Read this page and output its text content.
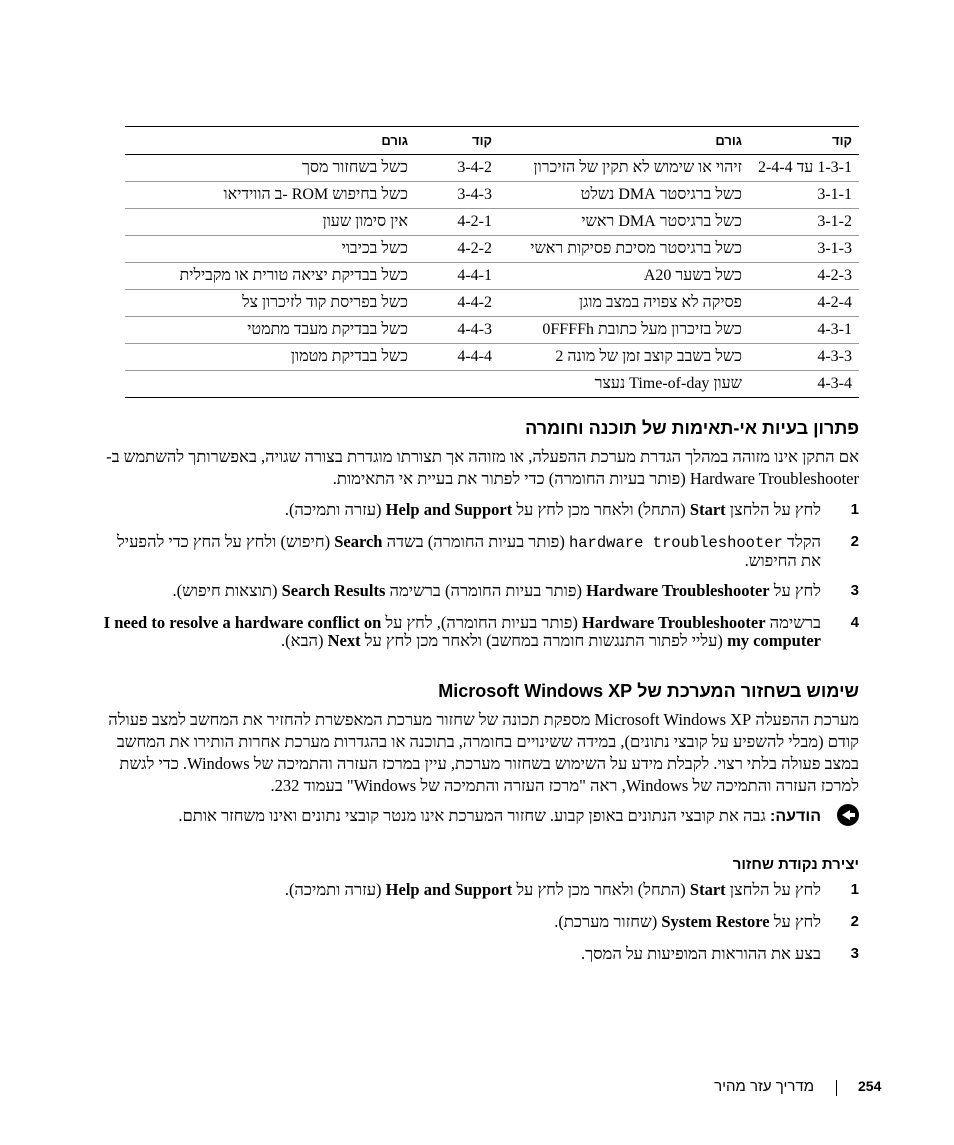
קוד	גורם	קוד	גורם
1-3-1 עד 2-4-4	זיהוי או שימוש לא תקין של הזיכרון	3-4-2	כשל בשחזור מסך
3-1-1	כשל ברגיסטר DMA נשלט	3-4-3	כשל בחיפוש ROM -ב הווידיאו
3-1-2	כשל ברגיסטר DMA ראשי	4-2-1	אין סימון שעון
3-1-3	כשל ברגיסטר מסיכת פסיקות ראשי	4-2-2	כשל בכיבוי
4-2-3	כשל בשער A20	4-4-1	כשל בבדיקת יציאה טורית או מקבילית
4-2-4	פסיקה לא צפויה במצב מוגן	4-4-2	כשל בפריסת קוד לזיכרון צל
4-3-1	כשל בזיכרון מעל כתובת 0FFFFh	4-4-3	כשל בבדיקת מעבד מתמטי
4-3-3	כשל בשבב קוצב זמן של מונה 2	4-4-4	כשל בבדיקת מטמון
4-3-4	שעון Time-of-day נעצר		
פתרון בעיות אי-תאימות של תוכנה וחומרה

אם התקן אינו מזוהה במהלך הגדרת מערכת ההפעלה, או מזוהה אך תצורתו מוגדרת בצורה שגויה, באפשרותך להשתמש ב- Hardware Troubleshooter (פותר בעיות החומרה) כדי לפתור את בעיית אי התאימות.

1
לחץ על הלחצן Start (התחל) ולאחר מכן לחץ על Help and Support (עזרה ותמיכה).
2
הקלד hardware troubleshooter (פותר בעיות החומרה) בשדה Search (חיפוש) ולחץ על החץ כדי להפעיל את החיפוש.
3
לחץ על Hardware Troubleshooter (פותר בעיות החומרה) ברשימה Search Results (תוצאות חיפוש).
4
ברשימה Hardware Troubleshooter (פותר בעיות החומרה), לחץ על I need to resolve a hardware conflict on my computer (עליי לפתור התנגשות חומרה במחשב) ולאחר מכן לחץ על Next (הבא).
שימוש בשחזור המערכת של Microsoft Windows XP

מערכת ההפעלה Microsoft Windows XP מספקת תכונה של שחזור מערכת המאפשרת להחזיר את המחשב למצב פעולה קודם (מבלי להשפיע על קובצי נתונים), במידה ששינויים בחומרה, בתוכנה או בהגדרות מערכת אחרות הותירו את המחשב במצב פעולה בלתי רצוי. לקבלת מידע על השימוש בשחזור מערכת, עיין במרכז העזרה והתמיכה של Windows. כדי לגשת למרכז העזרה והתמיכה של Windows, ראה "מרכז העזרה והתמיכה של Windows" בעמוד 232.

הודעה: גבה את קובצי הנתונים באופן קבוע. שחזור המערכת אינו מנטר קובצי נתונים ואינו משחזר אותם.
יצירת נקודת שחזור
1
לחץ על הלחצן Start (התחל) ולאחר מכן לחץ על Help and Support (עזרה ותמיכה).
2
לחץ על System Restore (שחזור מערכת).
3
בצע את ההוראות המופיעות על המסך.
254
מדריך עזר מהיר
